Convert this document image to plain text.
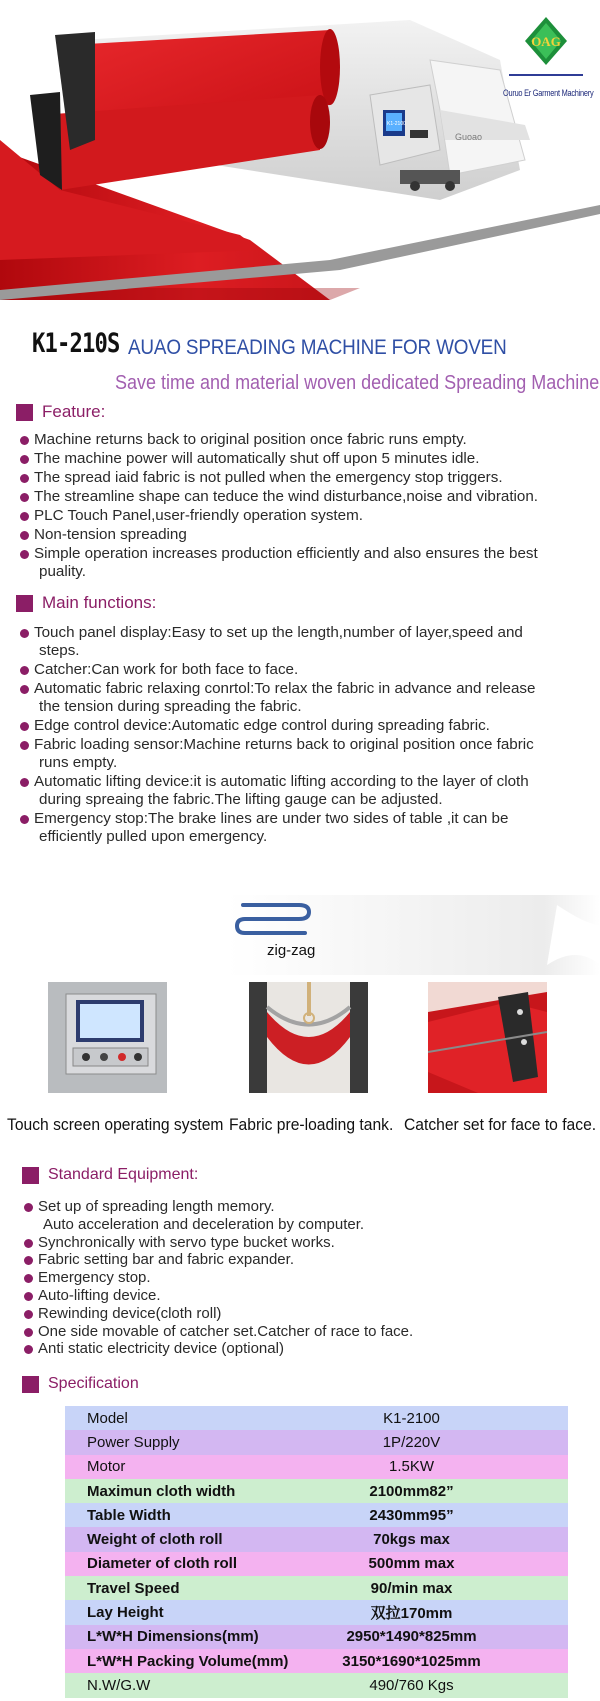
Guoao
K1-2100
OAG
Ouruo Er Garment Machinery
K1-210S AUAO SPREADING MACHINE FOR WOVEN
Save time and material woven dedicated Spreading Machine
Feature:
Machine returns back to original position once fabric runs empty.
The machine power will automatically shut off upon 5 minutes idle.
The spread iaid fabric is not pulled when the emergency stop triggers.
The streamline shape can teduce the wind disturbance,noise and vibration.
PLC Touch Panel,user-friendly operation system.
Non-tension spreading
Simple operation increases production efficiently and also ensures the best
puality.
Main functions:
Touch panel display:Easy to set up the length,number of layer,speed and
steps.
Catcher:Can work for both face to face.
Automatic fabric relaxing conrtol:To relax the fabric in advance and release
the tension during spreading the fabric.
Edge control device:Automatic edge control during spreading fabric.
Fabric loading sensor:Machine returns back to original position once fabric
runs empty.
Automatic lifting device:it is automatic lifting according to the layer of cloth
during spreaing the fabric.The lifting gauge can be adjusted.
Emergency stop:The brake lines are under two sides of table ,it can be
efficiently pulled upon emergency.
zig-zag
Touch screen operating system Fabric pre-loading tank. Catcher set for face to face.
Standard Equipment:
Set up of spreading length memory.
Auto acceleration and deceleration by computer.
Synchronically with servo type bucket works.
Fabric setting bar and fabric expander.
Emergency stop.
Auto-lifting device.
Rewinding device(cloth roll)
One side movable of catcher set.Catcher of race to face.
Anti static electricity device (optional)
Specification
Model	K1-2100
Power Supply	1P/220V
Motor	1.5KW
Maximun cloth width	2100mm82”
Table Width	2430mm95”
Weight of cloth roll	70kgs max
Diameter of cloth roll	500mm max
Travel Speed	90/min max
Lay Height	双拉170mm
L*W*H Dimensions(mm)	2950*1490*825mm
L*W*H Packing Volume(mm)	3150*1690*1025mm
N.W/G.W	490/760 Kgs
